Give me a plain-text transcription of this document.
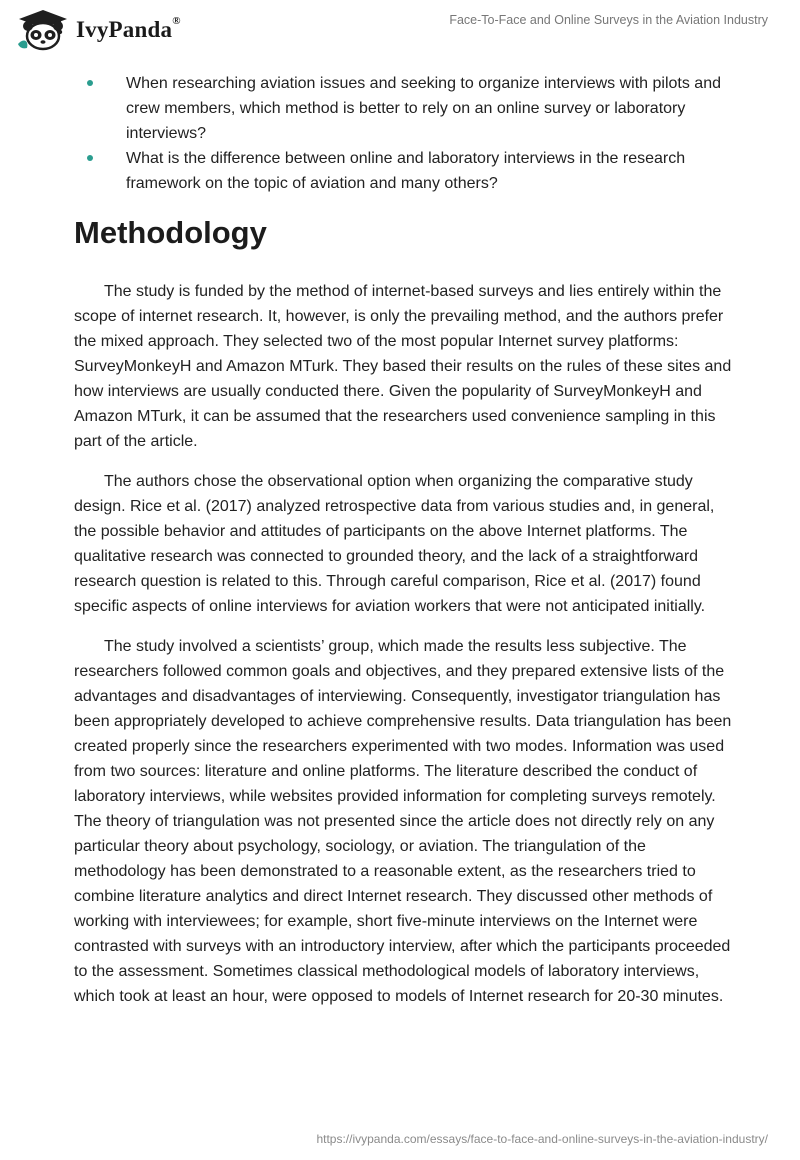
IvyPanda®	Face-To-Face and Online Surveys in the Aviation Industry
When researching aviation issues and seeking to organize interviews with pilots and crew members, which method is better to rely on an online survey or laboratory interviews?
What is the difference between online and laboratory interviews in the research framework on the topic of aviation and many others?
Methodology

The study is funded by the method of internet-based surveys and lies entirely within the scope of internet research. It, however, is only the prevailing method, and the authors prefer the mixed approach. They selected two of the most popular Internet survey platforms: SurveyMonkeyH and Amazon MTurk. They based their results on the rules of these sites and how interviews are usually conducted there. Given the popularity of SurveyMonkeyH and Amazon MTurk, it can be assumed that the researchers used convenience sampling in this part of the article.

The authors chose the observational option when organizing the comparative study design. Rice et al. (2017) analyzed retrospective data from various studies and, in general, the possible behavior and attitudes of participants on the above Internet platforms. The qualitative research was connected to grounded theory, and the lack of a straightforward research question is related to this. Through careful comparison, Rice et al. (2017) found specific aspects of online interviews for aviation workers that were not anticipated initially.

The study involved a scientists’ group, which made the results less subjective. The researchers followed common goals and objectives, and they prepared extensive lists of the advantages and disadvantages of interviewing. Consequently, investigator triangulation has been appropriately developed to achieve comprehensive results. Data triangulation has been created properly since the researchers experimented with two modes. Information was used from two sources: literature and online platforms. The literature described the conduct of laboratory interviews, while websites provided information for completing surveys remotely. The theory of triangulation was not presented since the article does not directly rely on any particular theory about psychology, sociology, or aviation. The triangulation of the methodology has been demonstrated to a reasonable extent, as the researchers tried to combine literature analytics and direct Internet research. They discussed other methods of working with interviewees; for example, short five-minute interviews on the Internet were contrasted with surveys with an introductory interview, after which the participants proceeded to the assessment. Sometimes classical methodological models of laboratory interviews, which took at least an hour, were opposed to models of Internet research for 20-30 minutes.

https://ivypanda.com/essays/face-to-face-and-online-surveys-in-the-aviation-industry/
